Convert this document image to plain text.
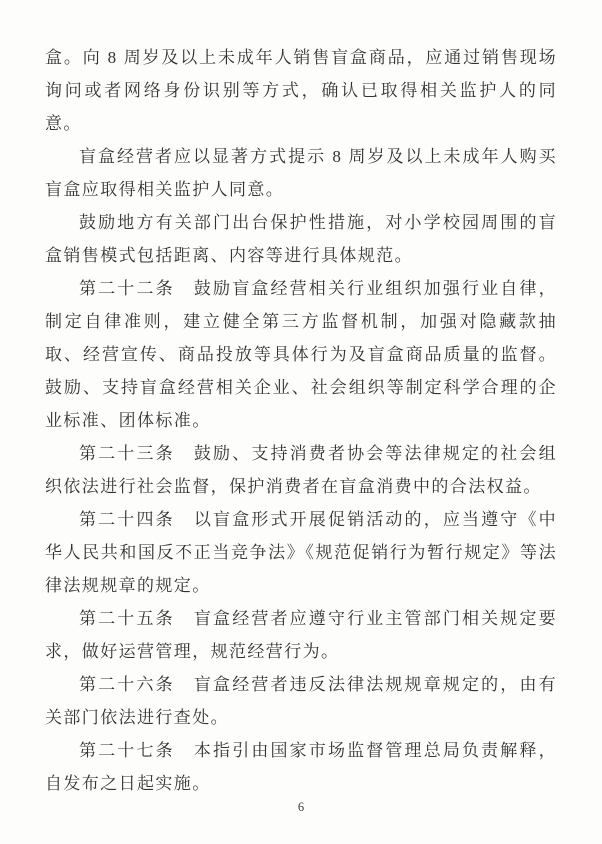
盒。向 8 周岁及以上未成年人销售盲盒商品，应通过销售现场询问或者网络身份识别等方式，确认已取得相关监护人的同意。

盲盒经营者应以显著方式提示 8 周岁及以上未成年人购买盲盒应取得相关监护人同意。

鼓励地方有关部门出台保护性措施，对小学校园周围的盲盒销售模式包括距离、内容等进行具体规范。

第二十二条　鼓励盲盒经营相关行业组织加强行业自律，制定自律准则，建立健全第三方监督机制，加强对隐藏款抽取、经营宣传、商品投放等具体行为及盲盒商品质量的监督。鼓励、支持盲盒经营相关企业、社会组织等制定科学合理的企业标准、团体标准。

第二十三条　鼓励、支持消费者协会等法律规定的社会组织依法进行社会监督，保护消费者在盲盒消费中的合法权益。

第二十四条　以盲盒形式开展促销活动的，应当遵守《中华人民共和国反不正当竞争法》《规范促销行为暂行规定》等法律法规规章的规定。

第二十五条　盲盒经营者应遵守行业主管部门相关规定要求，做好运营管理，规范经营行为。

第二十六条　盲盒经营者违反法律法规规章规定的，由有关部门依法进行查处。

第二十七条　本指引由国家市场监督管理总局负责解释，自发布之日起实施。

6
